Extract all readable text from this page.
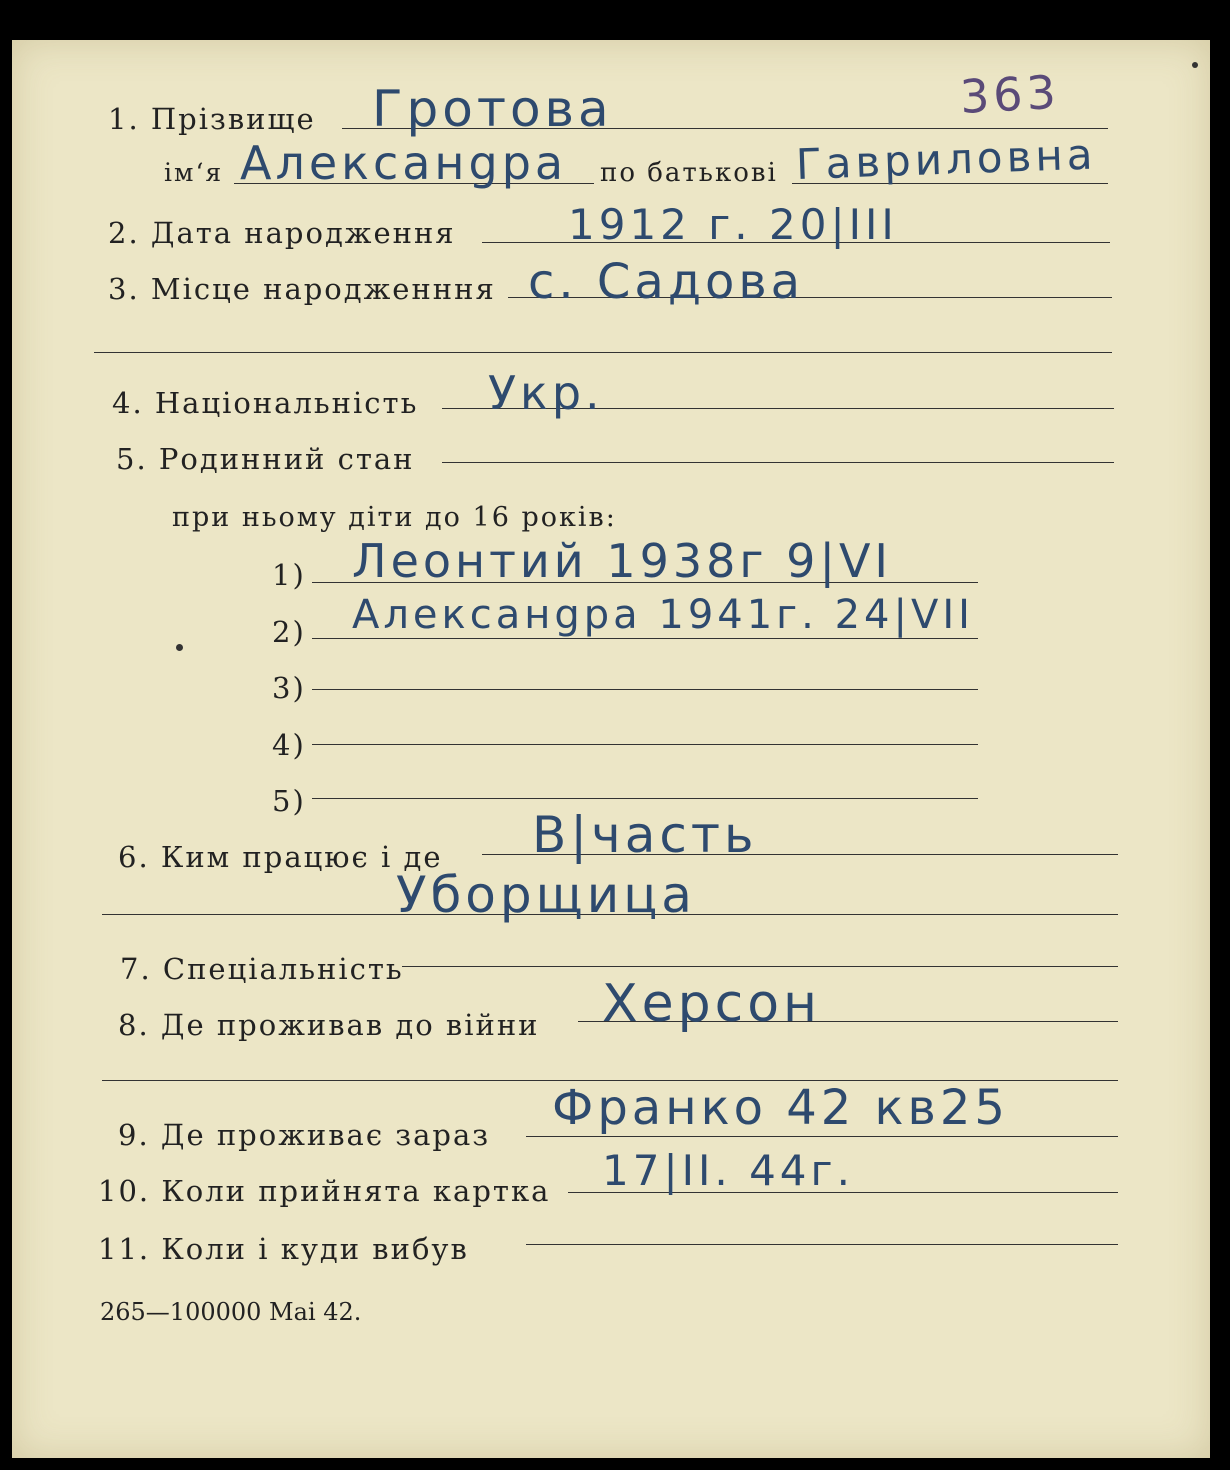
363
1. Прізвище Гротова
ім‘я Алексанgра по батькові Гавриловна
2. Дата народження	1912 г. 20|III
3. Місце народженння с. Садова
4. Національність Укр.
5. Родинний стан
при ньому діти до 16 років:
1) Леонтий 1938г 9|VI
2) Алексанgра 1941г. 24|VII
3)
4)
5)
6. Ким працює і де В|часть
Уборщица
7. Спеціальність
8. Де проживав до війни Херсон
9. Де проживає зараз Франко 42 кв25
10. Коли прийнята картка 17|II. 44г.
11. Коли і куди вибув
265—100000 Mai 42.
